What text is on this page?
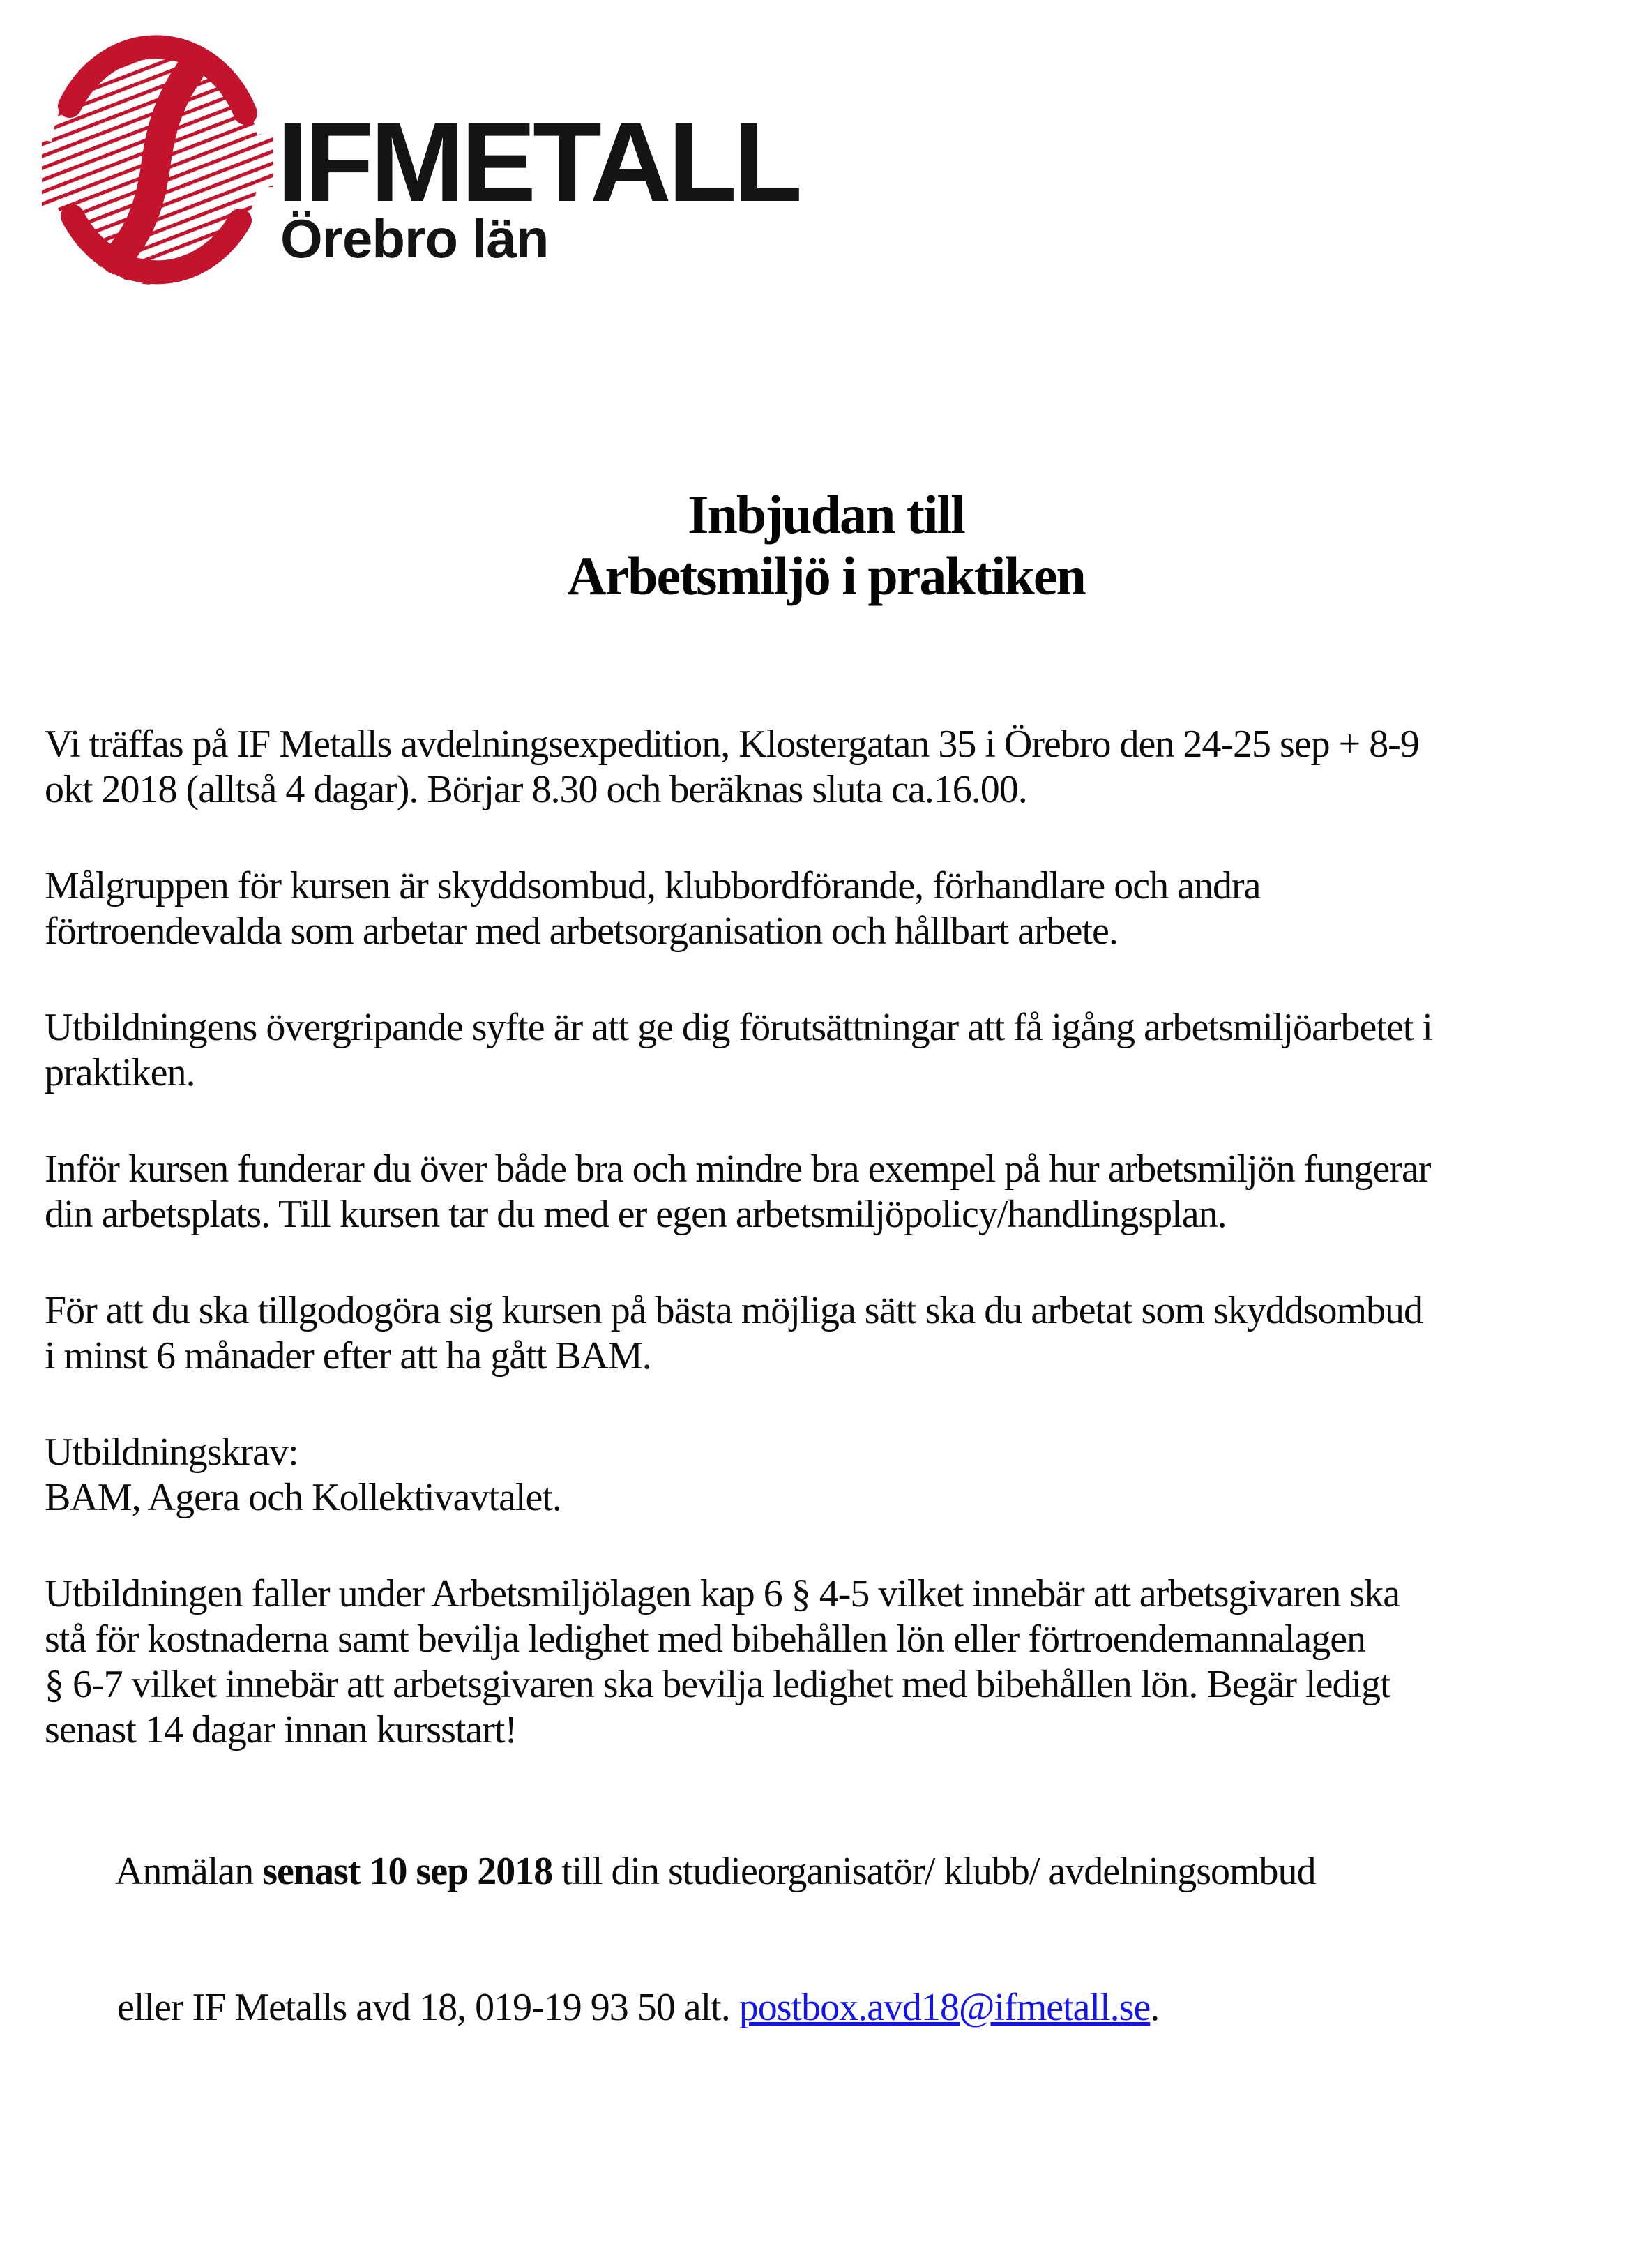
IFMETALL
Örebro län
Inbjudan till
Arbetsmiljö i praktiken
Vi träffas på IF Metalls avdelningsexpedition, Klostergatan 35 i Örebro den 24-25 sep + 8-9
okt 2018 (alltså 4 dagar). Börjar 8.30 och beräknas sluta ca.16.00.
Målgruppen för kursen är skyddsombud, klubbordförande, förhandlare och andra
förtroendevalda som arbetar med arbetsorganisation och hållbart arbete.
Utbildningens övergripande syfte är att ge dig förutsättningar att få igång arbetsmiljöarbetet i
praktiken.
Inför kursen funderar du över både bra och mindre bra exempel på hur arbetsmiljön fungerar
din arbetsplats. Till kursen tar du med er egen arbetsmiljöpolicy/handlingsplan.
För att du ska tillgodogöra sig kursen på bästa möjliga sätt ska du arbetat som skyddsombud
i minst 6 månader efter att ha gått BAM.
Utbildningskrav:
BAM, Agera och Kollektivavtalet.
Utbildningen faller under Arbetsmiljölagen kap 6 § 4-5 vilket innebär att arbetsgivaren ska
stå för kostnaderna samt bevilja ledighet med bibehållen lön eller förtroendemannalagen
§ 6-7 vilket innebär att arbetsgivaren ska bevilja ledighet med bibehållen lön. Begär ledigt
senast 14 dagar innan kursstart!

Anmälan senast 10 sep 2018 till din studieorganisatör/ klubb/ avdelningsombud

eller IF Metalls avd 18, 019-19 93 50 alt. postbox.avd18@ifmetall.se.
